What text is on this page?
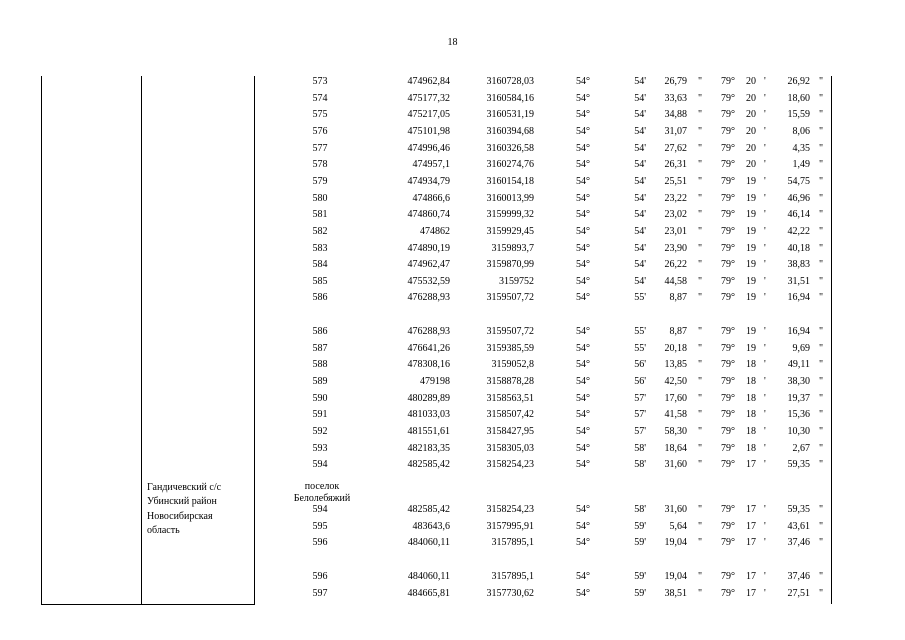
18
Гандичевский с/с
Убинский район
Новосибирская
область
поселок
Белолебяжий
573	474962,84	3160728,03	54°	54'	26,79 "	79°	20 '	26,92 "
574	475177,32	3160584,16	54°	54'	33,63 "	79°	20 '	18,60 "
575	475217,05	3160531,19	54°	54'	34,88 "	79°	20 '	15,59 "
576	475101,98	3160394,68	54°	54'	31,07 "	79°	20 '	8,06 "
577	474996,46	3160326,58	54°	54'	27,62 "	79°	20 '	4,35 "
578	474957,1	3160274,76	54°	54'	26,31 "	79°	20 '	1,49 "
579	474934,79	3160154,18	54°	54'	25,51 "	79°	19 '	54,75 "
580	474866,6	3160013,99	54°	54'	23,22 "	79°	19 '	46,96 "
581	474860,74	3159999,32	54°	54'	23,02 "	79°	19 '	46,14 "
582	474862	3159929,45	54°	54'	23,01 "	79°	19 '	42,22 "
583	474890,19	3159893,7	54°	54'	23,90 "	79°	19 '	40,18 "
584	474962,47	3159870,99	54°	54'	26,22 "	79°	19 '	38,83 "
585	475532,59	3159752	54°	54'	44,58 "	79°	19 '	31,51 "
586	476288,93	3159507,72	54°	55'	8,87 "	79°	19 '	16,94 "
586	476288,93	3159507,72	54°	55'	8,87 "	79°	19 '	16,94 "
587	476641,26	3159385,59	54°	55'	20,18 "	79°	19 '	9,69 "
588	478308,16	3159052,8	54°	56'	13,85 "	79°	18 '	49,11 "
589	479198	3158878,28	54°	56'	42,50 "	79°	18 '	38,30 "
590	480289,89	3158563,51	54°	57'	17,60 "	79°	18 '	19,37 "
591	481033,03	3158507,42	54°	57'	41,58 "	79°	18 '	15,36 "
592	481551,61	3158427,95	54°	57'	58,30 "	79°	18 '	10,30 "
593	482183,35	3158305,03	54°	58'	18,64 "	79°	18 '	2,67 "
594	482585,42	3158254,23	54°	58'	31,60 "	79°	17 '	59,35 "
594	482585,42	3158254,23	54°	58'	31,60 "	79°	17 '	59,35 "
595	483643,6	3157995,91	54°	59'	5,64 "	79°	17 '	43,61 "
596	484060,11	3157895,1	54°	59'	19,04 "	79°	17 '	37,46 "
596	484060,11	3157895,1	54°	59'	19,04 "	79°	17 '	37,46 "
597	484665,81	3157730,62	54°	59'	38,51 "	79°	17 '	27,51 "
